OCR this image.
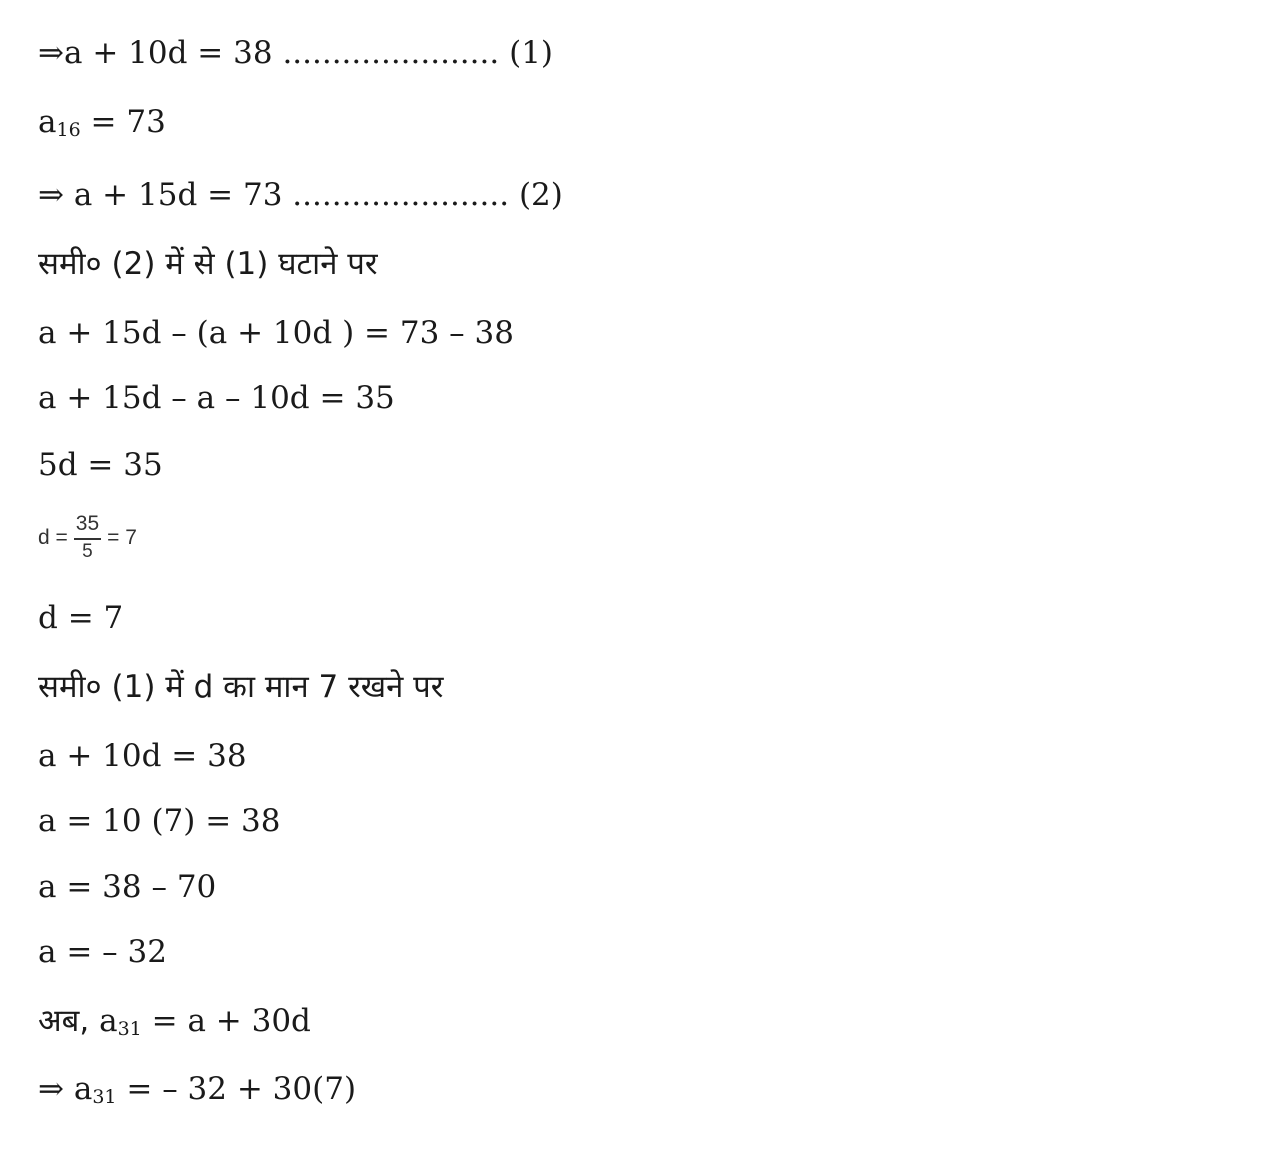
⇒a + 10d = 38 ...................... (1)
$a_{16} = 73$
⇒ a + 15d = 73 ...................... (2)
समी० (2) में से (1) घटाने पर
a + 15d – (a + 10d ) = 73 – 38
a + 15d – a – 10d = 35
5d = 35
$d = \frac{35}{5} = 7$
d = 7
समी० (1) में d का मान 7 रखने पर
a + 10d = 38
a = 10 (7) = 38
a = 38 – 70
a = – 32
अब, $a_{31} = a + 30d$
⇒ $a_{31}$ = – 32 + 30(7)
